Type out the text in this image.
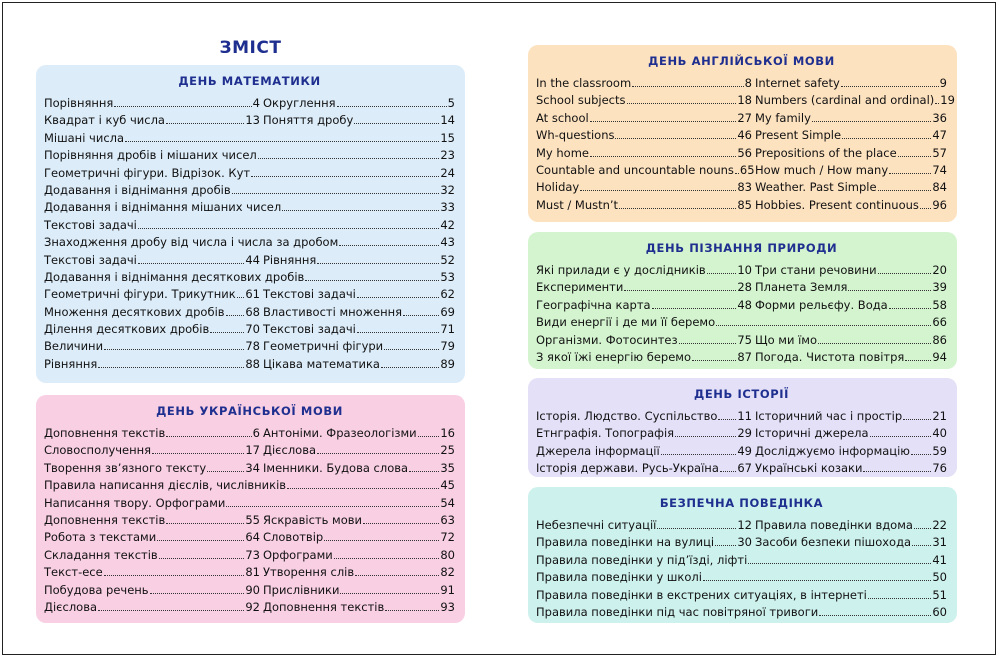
ЗМІСТ
ДЕНЬ МАТЕМАТИКИ
Порівняння	4 Округлення	5
Квадрат і куб числа	13 Поняття дробу	14
Мішані числа	15
Порівняння дробів і мішаних чисел	23
Геометричні фігури. Відрізок. Кут	24
Додавання і віднімання дробів	32
Додавання і віднімання мішаних чисел	33
Текстові задачі	42
Знаходження дробу від числа і числа за дробом	43
Текстові задачі	44 Рівняння	52
Додавання і віднімання десяткових дробів	53
Геометричні фігури. Трикутник 61 Текстові задачі	62
Множення десяткових дробів 68 Властивості множення	69
Ділення десяткових дробів	70 Текстові задачі	71
Величини	78 Геометричні фігури	79
Рівняння	88 Цікава математика	89
ДЕНЬ УКРАЇНСЬКОЇ МОВИ
Доповнення текстів	6 Антоніми. Фразеологізми 16
Словосполучення	17 Дієслова	25
Творення зв’язного тексту	34 Іменники. Будова слова	35
Правила написання дієслів, числівників	45
Написання твору. Орфограми	54
Доповнення текстів	55 Яскравість мови	63
Робота з текстами	64 Словотвір	72
Складання текстів	73 Орфограми	80
Текст-есе	81 Утворення слів	82
Побудова речень	90 Прислівники	91
Дієслова	92 Доповнення текстів	93
ДЕНЬ АНГЛІЙСЬКОЇ МОВИ
In the classroom	8 Internet safety	9
School subjects	18 Numbers (cardinal and ordinal) 19
At school	27 My family	36
Wh-questions	46 Present Simple	47
My home	56 Prepositions of the place	57
Countable and uncountable nouns 65 How much / How many	74
Holiday	83 Weather. Past Simple	84
Must / Mustn’t	85 Hobbies. Present continuous 96
ДЕНЬ ПІЗНАННЯ ПРИРОДИ
Які прилади є у дослідників	10 Три стани речовини	20
Експерименти	28 Планета Земля	39
Географічна карта	48 Форми рельєфу. Вода	58
Види енергії і де ми її беремо	66
Організми. Фотосинтез	75 Що ми їмо	86
З якої їжі енергію беремо	87 Погода. Чистота повітря 94
ДЕНЬ ІСТОРІЇ
Історія. Людство. Суспільство 11 Історичний час і простір	21
Етнграфія. Топографія	29 Історичні джерела	40
Джерела інформації	49 Досліджуємо інформацію 59
Історія держави. Русь-Україна 67 Українські козаки	76
БЕЗПЕЧНА ПОВЕДІНКА
Небезпечні ситуації	12 Правила поведінки вдома 22
Правила поведінки на вулиці 30 Засоби безпеки пішохода 31
Правила поведінки у під’їзді, ліфті	41
Правила поведінки у школі	50
Правила поведінки в екстрених ситуаціях, в інтернеті	51
Правила поведінки під час повітряної тривоги	60
